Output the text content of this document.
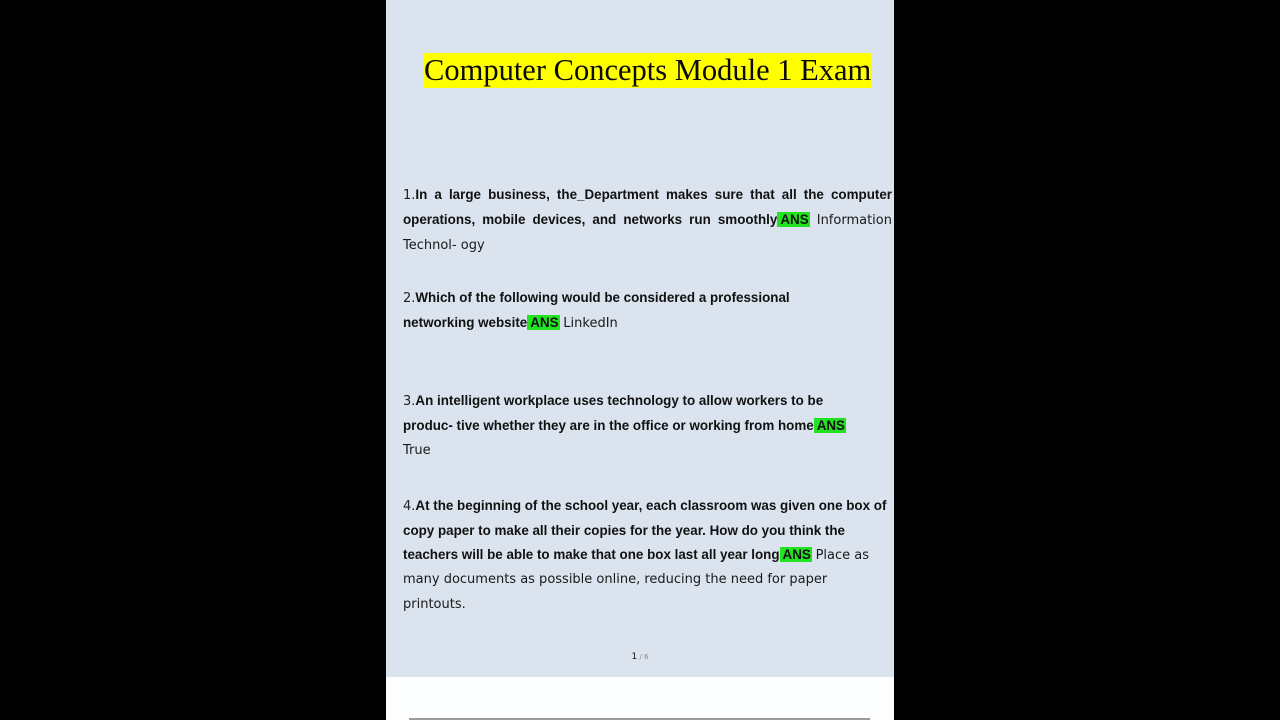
Computer Concepts Module 1 Exam
1.In a large business, the_Department makes sure that all the computer operations, mobile devices, and networks run smoothly ANS Information Technol- ogy
2.Which of the following would be considered a professional networking website ANS LinkedIn
3.An intelligent workplace uses technology to allow workers to be produc- tive whether they are in the office or working from home ANS True
4.At the beginning of the school year, each classroom was given one box of copy paper to make all their copies for the year. How do you think the teachers will be able to make that one box last all year long ANS Place as many documents as possible online, reducing the need for paper printouts.
1 / 6
